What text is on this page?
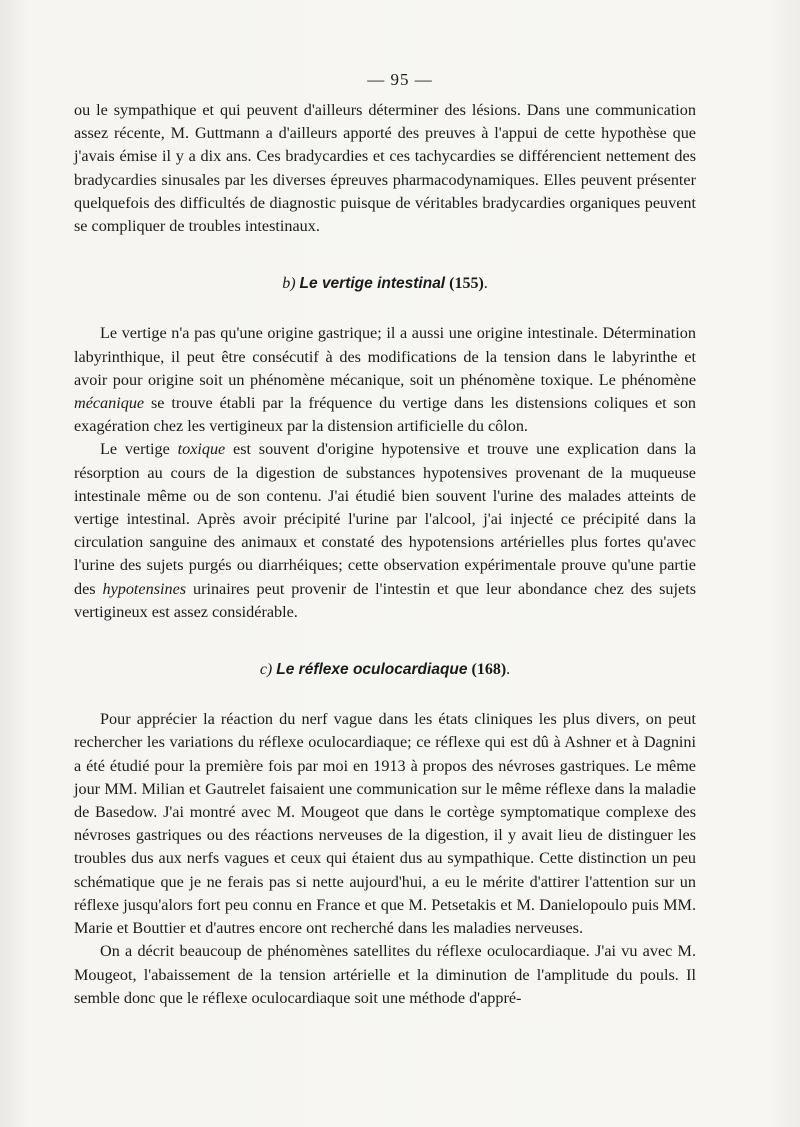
— 95 —

ou le sympathique et qui peuvent d'ailleurs déterminer des lésions. Dans une communication assez récente, M. Guttmann a d'ailleurs apporté des preuves à l'appui de cette hypothèse que j'avais émise il y a dix ans. Ces bradycardies et ces tachycardies se différencient nettement des bradycardies sinusales par les diverses épreuves pharmacodynamiques. Elles peuvent présenter quelquefois des difficultés de diagnostic puisque de véritables bradycardies organiques peuvent se compliquer de troubles intestinaux.

b) Le vertige intestinal (155).

Le vertige n'a pas qu'une origine gastrique; il a aussi une origine intestinale. Détermination labyrinthique, il peut être consécutif à des modifications de la tension dans le labyrinthe et avoir pour origine soit un phénomène mécanique, soit un phénomène toxique. Le phénomène mécanique se trouve établi par la fréquence du vertige dans les distensions coliques et son exagération chez les vertigineux par la distension artificielle du côlon.

Le vertige toxique est souvent d'origine hypotensive et trouve une explication dans la résorption au cours de la digestion de substances hypotensives provenant de la muqueuse intestinale même ou de son contenu. J'ai étudié bien souvent l'urine des malades atteints de vertige intestinal. Après avoir précipité l'urine par l'alcool, j'ai injecté ce précipité dans la circulation sanguine des animaux et constaté des hypotensions artérielles plus fortes qu'avec l'urine des sujets purgés ou diarrhéiques; cette observation expérimentale prouve qu'une partie des hypotensines urinaires peut provenir de l'intestin et que leur abondance chez des sujets vertigineux est assez considérable.

c) Le réflexe oculocardiaque (168).

Pour apprécier la réaction du nerf vague dans les états cliniques les plus divers, on peut rechercher les variations du réflexe oculocardiaque; ce réflexe qui est dû à Ashner et à Dagnini a été étudié pour la première fois par moi en 1913 à propos des névroses gastriques. Le même jour MM. Milian et Gautrelet faisaient une communication sur le même réflexe dans la maladie de Basedow. J'ai montré avec M. Mougeot que dans le cortège symptomatique complexe des névroses gastriques ou des réactions nerveuses de la digestion, il y avait lieu de distinguer les troubles dus aux nerfs vagues et ceux qui étaient dus au sympathique. Cette distinction un peu schématique que je ne ferais pas si nette aujourd'hui, a eu le mérite d'attirer l'attention sur un réflexe jusqu'alors fort peu connu en France et que M. Petsetakis et M. Danielopoulo puis MM. Marie et Bouttier et d'autres encore ont recherché dans les maladies nerveuses.

On a décrit beaucoup de phénomènes satellites du réflexe oculocardiaque. J'ai vu avec M. Mougeot, l'abaissement de la tension artérielle et la diminution de l'amplitude du pouls. Il semble donc que le réflexe oculocardiaque soit une méthode d'appré-
